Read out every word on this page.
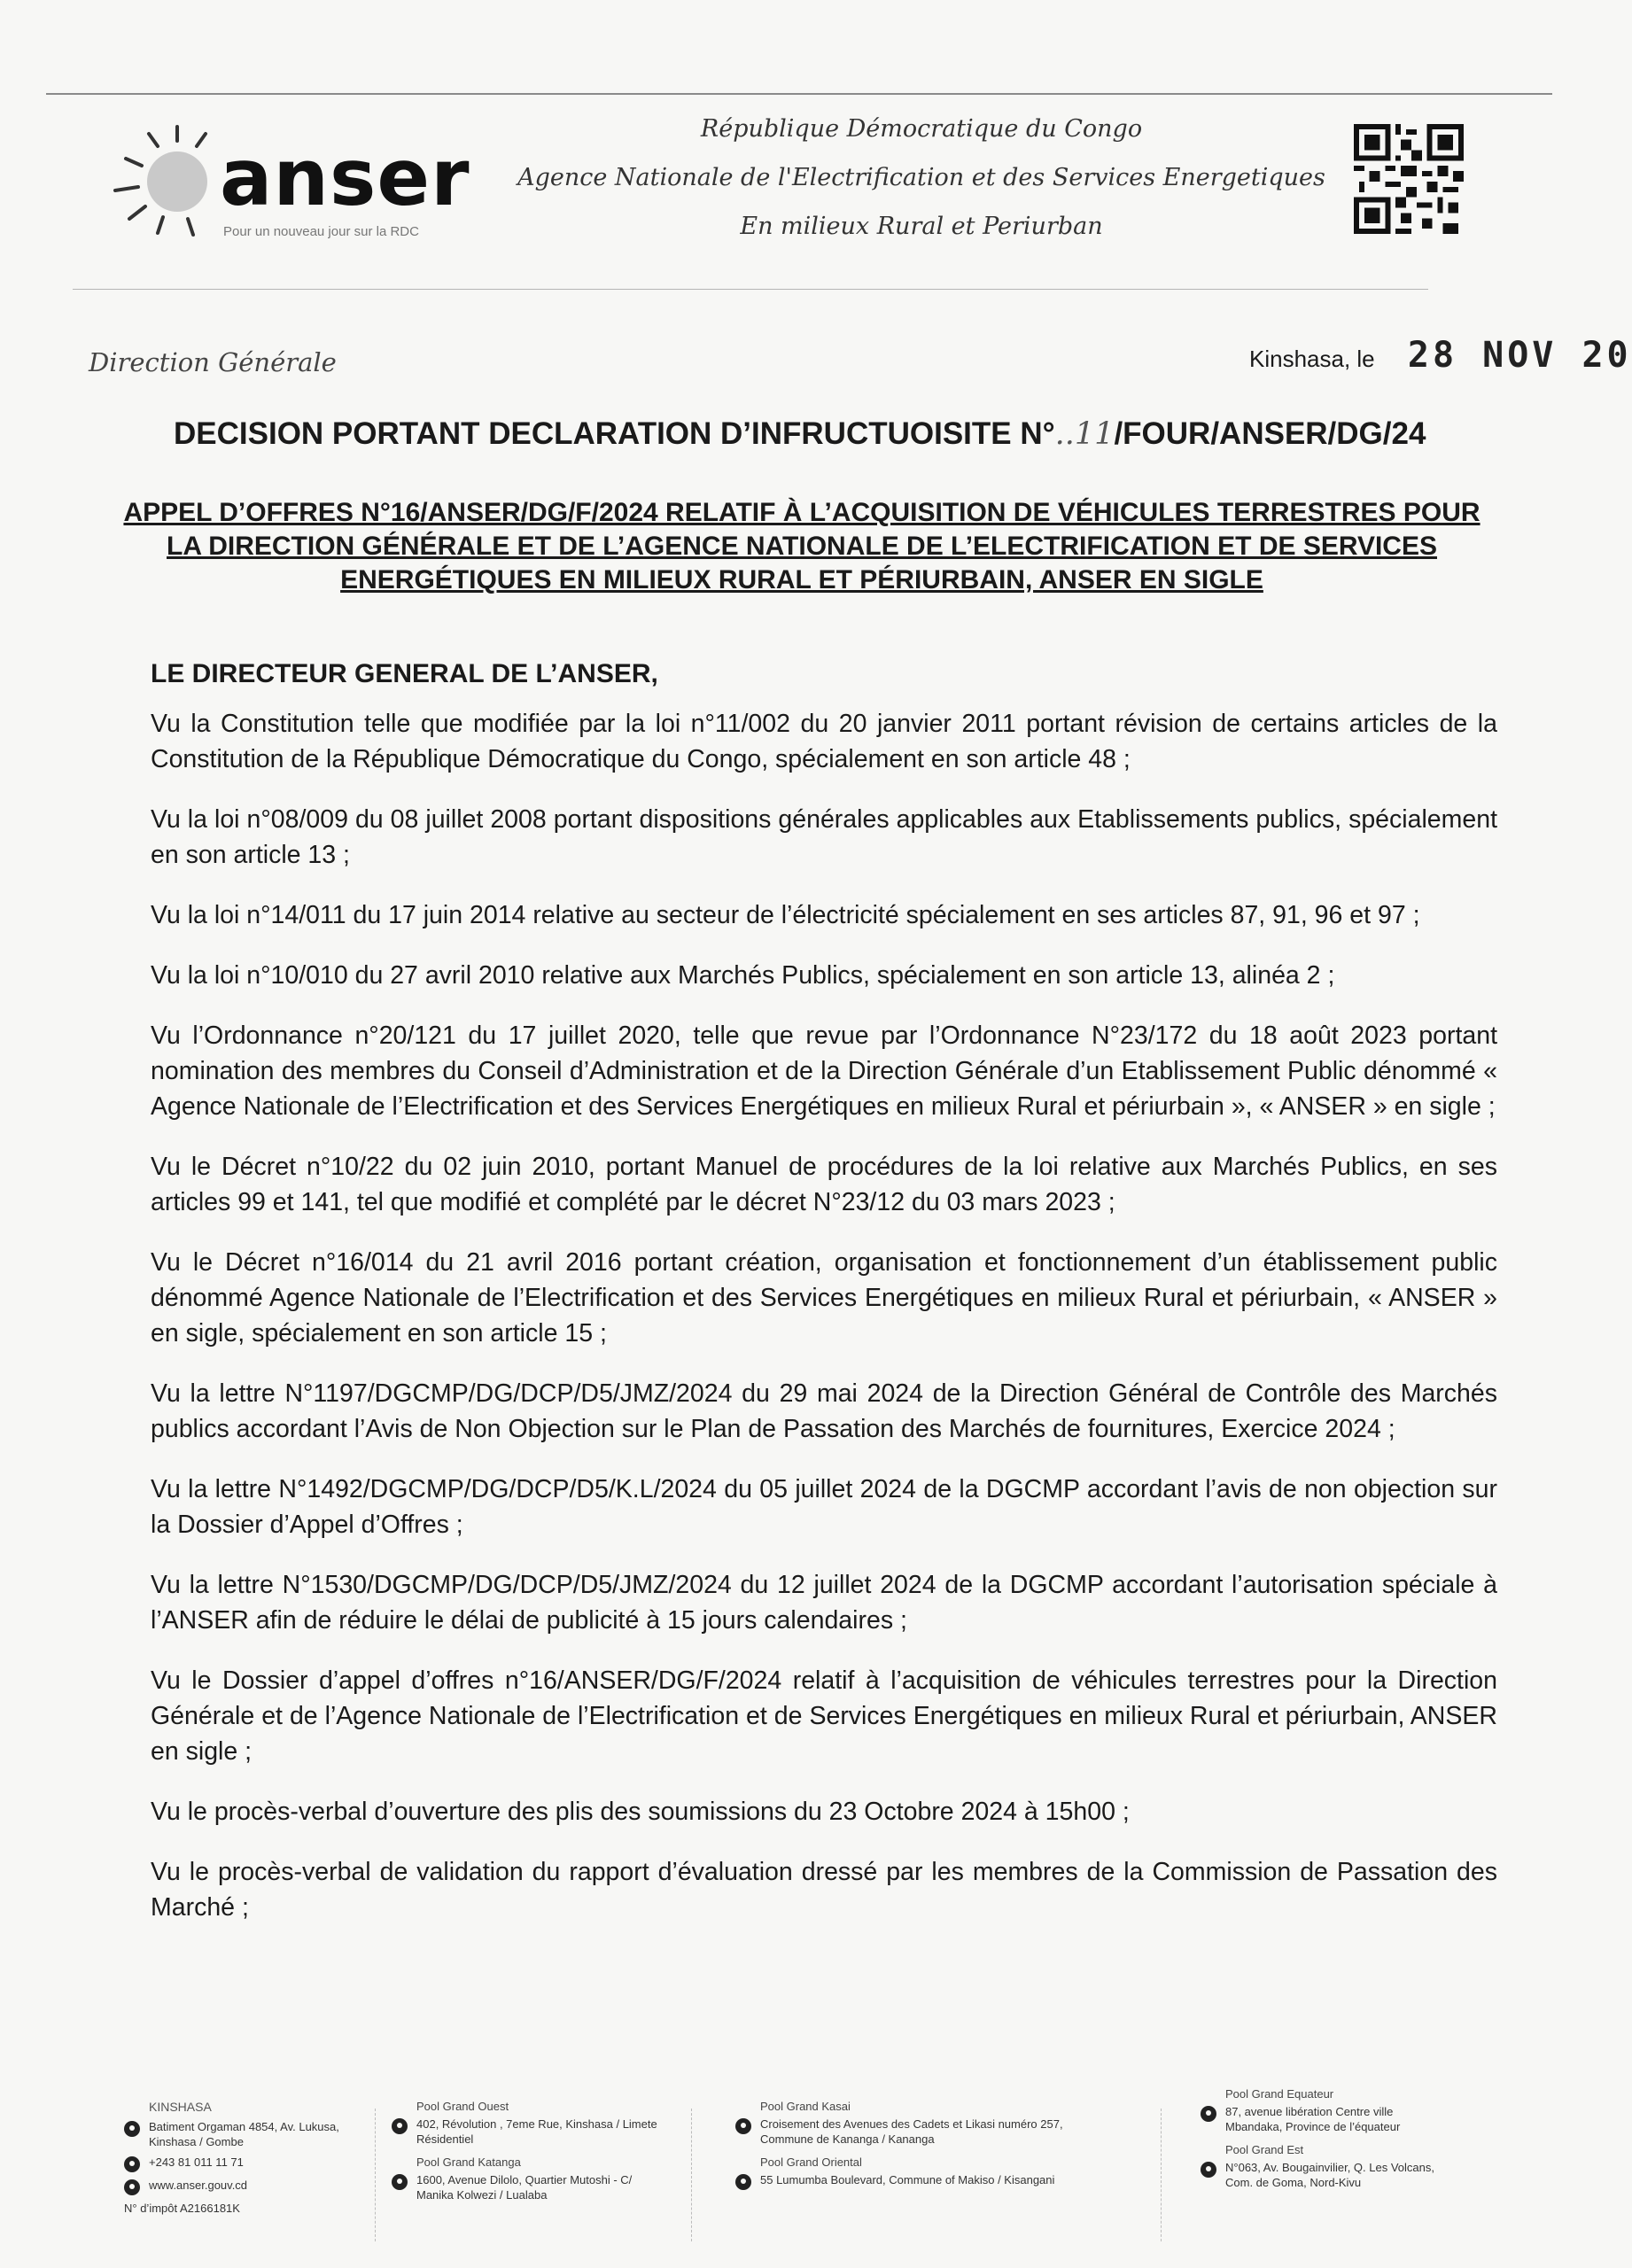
anser
Pour un nouveau jour sur la RDC
République Démocratique du Congo
Agence Nationale de l'Electrification et des Services Energetiques
En milieux Rural et Periurban
Direction Générale	Kinshasa, le 28 NOV 20
DECISION PORTANT DECLARATION D’INFRUCTUOISITE N°..11/FOUR/ANSER/DG/24
APPEL D’OFFRES N°16/ANSER/DG/F/2024 RELATIF À L’ACQUISITION DE VÉHICULES TERRESTRES POUR LA DIRECTION GÉNÉRALE ET DE L’AGENCE NATIONALE DE L’ELECTRIFICATION ET DE SERVICES ENERGÉTIQUES EN MILIEUX RURAL ET PÉRIURBAIN, ANSER EN SIGLE
LE DIRECTEUR GENERAL DE L’ANSER,

Vu la Constitution telle que modifiée par la loi n°11/002 du 20 janvier 2011 portant révision de certains articles de la Constitution de la République Démocratique du Congo, spécialement en son article 48 ;

Vu la loi n°08/009 du 08 juillet 2008 portant dispositions générales applicables aux Etablissements publics, spécialement en son article 13 ;

Vu la loi n°14/011 du 17 juin 2014 relative au secteur de l’électricité spécialement en ses articles 87, 91, 96 et 97 ;

Vu la loi n°10/010 du 27 avril 2010 relative aux Marchés Publics, spécialement en son article 13, alinéa 2 ;

Vu l’Ordonnance n°20/121 du 17 juillet 2020, telle que revue par l’Ordonnance N°23/172 du 18 août 2023 portant nomination des membres du Conseil d’Administration et de la Direction Générale d’un Etablissement Public dénommé « Agence Nationale de l’Electrification et des Services Energétiques en milieux Rural et périurbain », « ANSER » en sigle ;

Vu le Décret n°10/22 du 02 juin 2010, portant Manuel de procédures de la loi relative aux Marchés Publics, en ses articles 99 et 141, tel que modifié et complété par le décret N°23/12 du 03 mars 2023 ;

Vu le Décret n°16/014 du 21 avril 2016 portant création, organisation et fonctionnement d’un établissement public dénommé Agence Nationale de l’Electrification et des Services Energétiques en milieux Rural et périurbain, « ANSER » en sigle, spécialement en son article 15 ;

Vu la lettre N°1197/DGCMP/DG/DCP/D5/JMZ/2024 du 29 mai 2024 de la Direction Général de Contrôle des Marchés publics accordant l’Avis de Non Objection sur le Plan de Passation des Marchés de fournitures, Exercice 2024 ;

Vu la lettre N°1492/DGCMP/DG/DCP/D5/K.L/2024 du 05 juillet 2024 de la DGCMP accordant l’avis de non objection sur la Dossier d’Appel d’Offres ;

Vu la lettre N°1530/DGCMP/DG/DCP/D5/JMZ/2024 du 12 juillet 2024 de la DGCMP accordant l’autorisation spéciale à l’ANSER afin de réduire le délai de publicité à 15 jours calendaires ;

Vu le Dossier d’appel d’offres n°16/ANSER/DG/F/2024 relatif à l’acquisition de véhicules terrestres pour la Direction Générale et de l’Agence Nationale de l’Electrification et de Services Energétiques en milieux Rural et périurbain, ANSER en sigle ;

Vu le procès-verbal d’ouverture des plis des soumissions du 23 Octobre 2024 à 15h00 ;

Vu le procès-verbal de validation du rapport d’évaluation dressé par les membres de la Commission de Passation des Marché ;

KINSHASA
Batiment Orgaman 4854, Av. Lukusa, Kinshasa / Gombe
+243 81 011 11 71
www.anser.gouv.cd
N° d’impôt A2166181K
Pool Grand Ouest
402, Révolution , 7eme Rue, Kinshasa / Limete Résidentiel
Pool Grand Katanga
1600, Avenue Dilolo, Quartier Mutoshi - C/ Manika Kolwezi / Lualaba
Pool Grand Kasai
Croisement des Avenues des Cadets et Likasi numéro 257, Commune de Kananga / Kananga
Pool Grand Oriental
55 Lumumba Boulevard, Commune of Makiso / Kisangani
Pool Grand Equateur
87, avenue libération Centre ville Mbandaka, Province de l’équateur
Pool Grand Est
N°063, Av. Bougainvilier, Q. Les Volcans, Com. de Goma, Nord-Kivu
